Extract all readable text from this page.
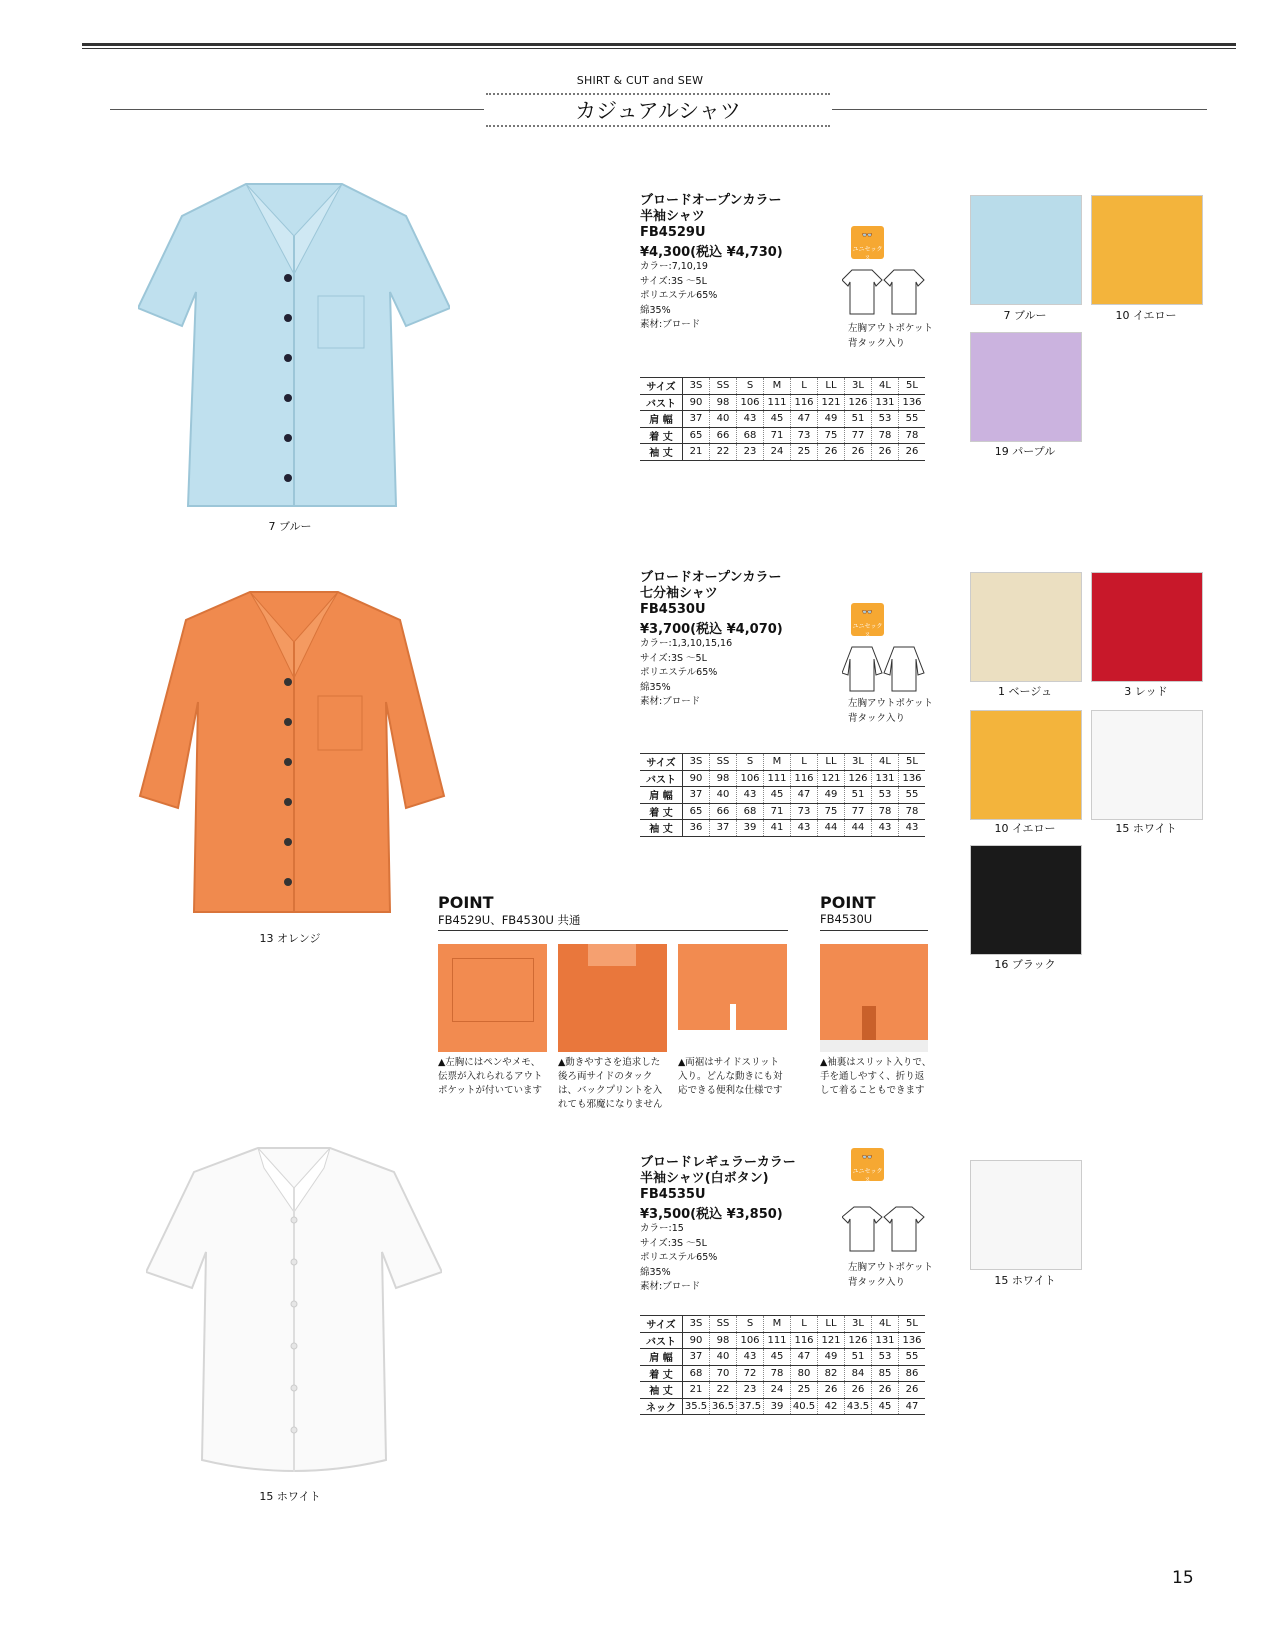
SHIRT & CUT and SEW
カジュアルシャツ
7 ブルー
ブロードオープンカラー
半袖シャツ
FB4529U
¥4,300(税込 ¥4,730)
カラー:7,10,19
サイズ:3S ～5L
ポリエステル65%
綿35%
素材:ブロード
👓
ユニセックス
左胸アウトポケット
背タック入り
サイズ	3S	SS	S	M	L	LL	3L	4L	5L
バスト	90	98	106	111	116	121	126	131	136
肩 幅	37	40	43	45	47	49	51	53	55
着 丈	65	66	68	71	73	75	77	78	78
袖 丈	21	22	23	24	25	26	26	26	26
7 ブルー	10 イエロー
19 パープル
13 オレンジ
ブロードオープンカラー
七分袖シャツ
FB4530U
¥3,700(税込 ¥4,070)
カラー:1,3,10,15,16
サイズ:3S ～5L
ポリエステル65%
綿35%
素材:ブロード
👓
ユニセックス
左胸アウトポケット
背タック入り
サイズ	3S	SS	S	M	L	LL	3L	4L	5L
バスト	90	98	106	111	116	121	126	131	136
肩 幅	37	40	43	45	47	49	51	53	55
着 丈	65	66	68	71	73	75	77	78	78
袖 丈	36	37	39	41	43	44	44	43	43
1 ベージュ	3 レッド
10 イエロー	15 ホワイト
16 ブラック
POINT
FB4529U、FB4530U 共通
▲左胸にはペンやメモ、伝票が入れられるアウトポケットが付いています
▲動きやすさを追求した後ろ両サイドのタックは、バックプリントを入れても邪魔になりません
▲両裾はサイドスリット入り。どんな動きにも対応できる便利な仕様です
POINT
FB4530U
▲袖裏はスリット入りで、手を通しやすく、折り返して着ることもできます
15 ホワイト
ブロードレギュラーカラー
半袖シャツ(白ボタン)
FB4535U
¥3,500(税込 ¥3,850)
カラー:15
サイズ:3S ～5L
ポリエステル65%
綿35%
素材:ブロード
👓
ユニセックス
左胸アウトポケット
背タック入り
サイズ	3S	SS	S	M	L	LL	3L	4L	5L
バスト	90	98	106	111	116	121	126	131	136
肩 幅	37	40	43	45	47	49	51	53	55
着 丈	68	70	72	78	80	82	84	85	86
袖 丈	21	22	23	24	25	26	26	26	26
ネック	35.5	36.5	37.5	39	40.5	42	43.5	45	47
15 ホワイト
15
